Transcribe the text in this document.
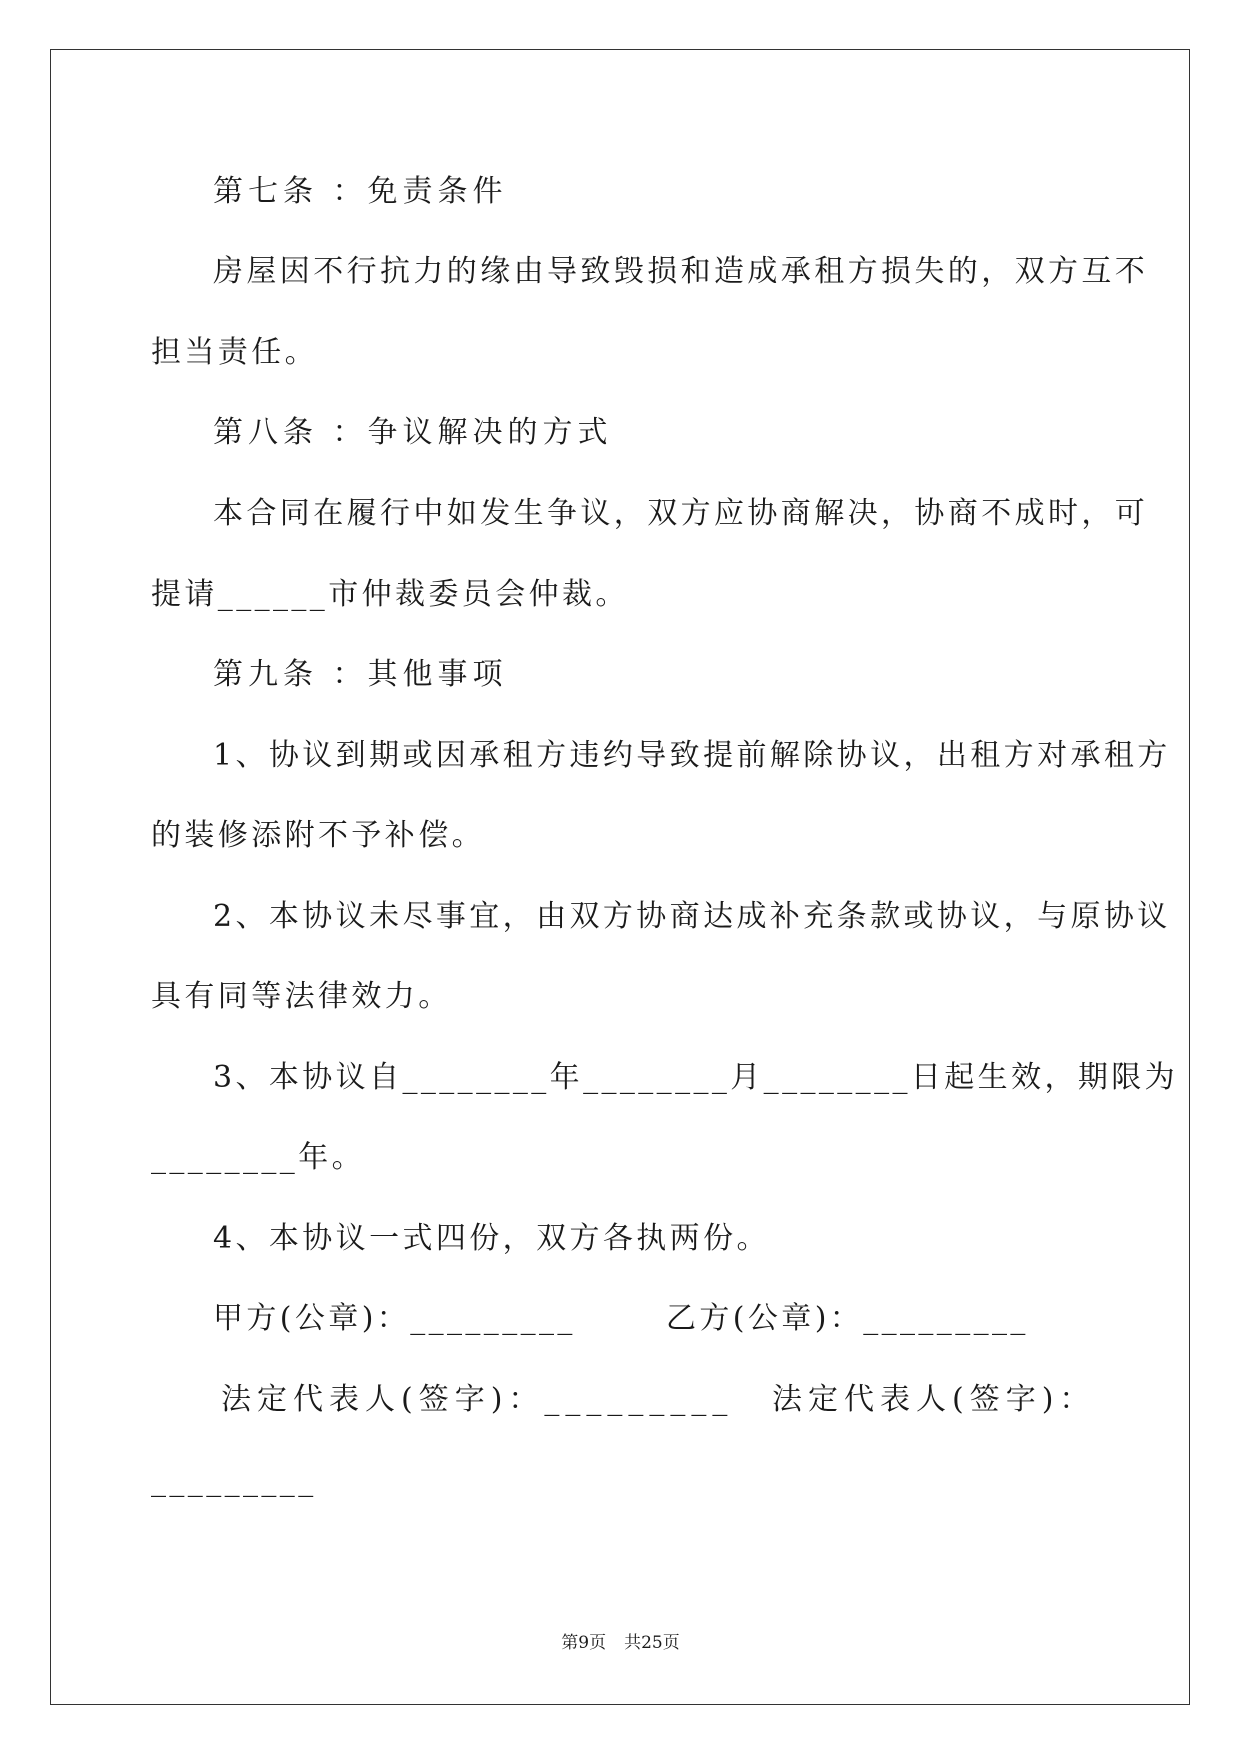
第七条 ：免责条件
房屋因不行抗力的缘由导致毁损和造成承租方损失的，双方互不
担当责任。
第八条 ：争议解决的方式
本合同在履行中如发生争议，双方应协商解决，协商不成时，可
提请______市仲裁委员会仲裁。
第九条 ：其他事项
1、协议到期或因承租方违约导致提前解除协议，出租方对承租方
的装修添附不予补偿。
2、本协议未尽事宜，由双方协商达成补充条款或协议，与原协议
具有同等法律效力。
3、本协议自________年________月________日起生效，期限为
________年。
4、本协议一式四份，双方各执两份。
甲方(公章)：_________	乙方(公章)：_________
法定代表人(签字)：_________ 法定代表人(签字)：
_________
第9页 共25页
